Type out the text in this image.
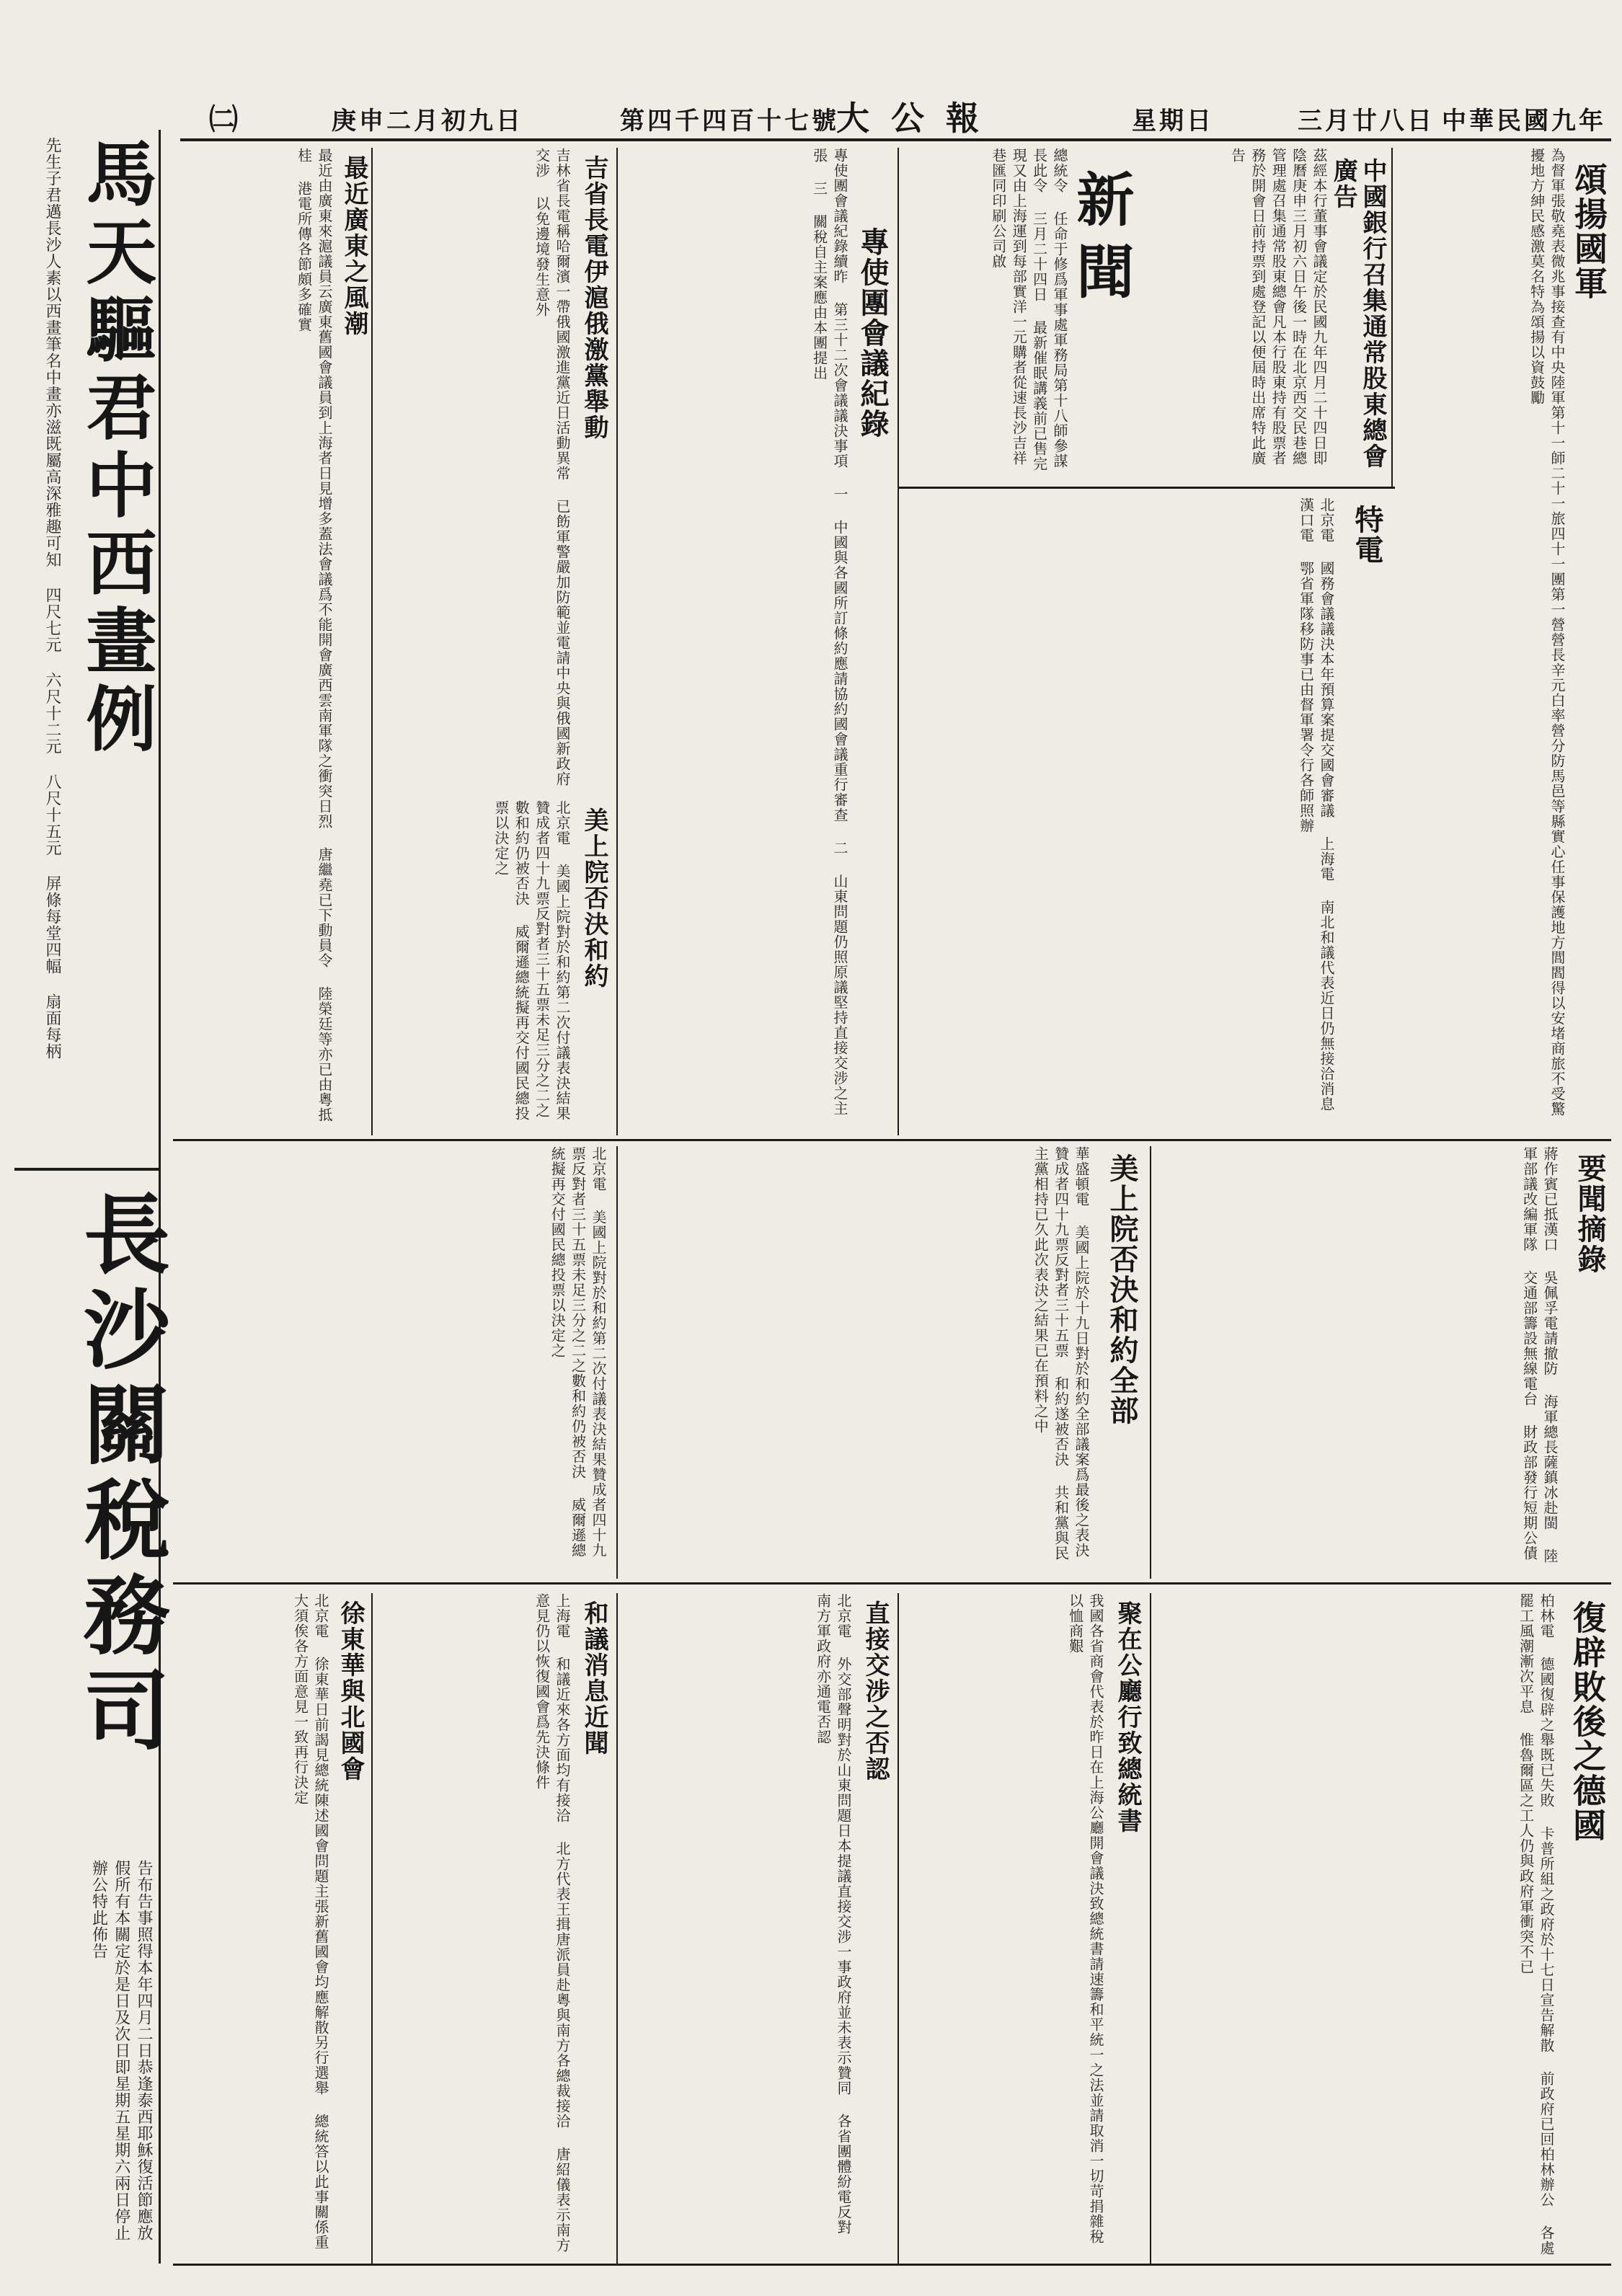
中華民國九年
三月廿八日
星期日
大公報
第四千四百十七號
庚申二月初九日
㈡
馬天驅君中西畫例
先生子君邁長沙人素以西畫筆名中畫亦滋既屬高深雅趣可知 四尺七元 六尺十二元 八尺十五元 屏條每堂四幅 扇面每柄
長沙關稅務司
告布告事照得本年四月二日恭逢泰西耶穌復活節應放假所有本關定於是日及次日即星期五星期六兩日停止辦公特此佈告
頌揚國軍
為督軍張敬堯表微兆事接查有中央陸軍第十一師二十一旅四十一團第一營營長辛元白率營分防馬邑等縣實心任事保護地方閭閻得以安堵商旅不受驚擾地方紳民感激莫名特為頌揚以資鼓勵
中國銀行召集通常股東總會廣告
茲經本行董事會議定於民國九年四月二十四日即陰曆庚申三月初六日午後一時在北京西交民巷總管理處召集通常股東總會凡本行股東持有股票者務於開會日前持票到處登記以便屆時出席特此廣告
新聞
總統令 任命于修爲軍事處軍務局第十八師參謀長此令 三月二十四日 最新催眠講義前已售完現又由上海運到每部實洋一元購者從速長沙吉祥巷匯同印刷公司啟
特電
北京電 國務會議議決本年預算案提交國會審議 上海電 南北和議代表近日仍無接洽消息 漢口電 鄂省軍隊移防事已由督軍署令行各師照辦
專使團會議紀錄
專使團會議紀錄續昨 第三十二次會議議決事項 一 中國與各國所訂條約應請協約國會議重行審查 二 山東問題仍照原議堅持直接交涉之主張 三 關稅自主案應由本團提出
吉省長電伊滬俄激黨舉動
吉林省長電稱哈爾濱一帶俄國激進黨近日活動異常 已飭軍警嚴加防範並電請中央與俄國新政府交涉 以免邊境發生意外
最近廣東之風潮
最近由廣東來滬議員云廣東舊國會議員到上海者日見增多蓋法會議爲不能開會廣西雲南軍隊之衝突日烈 唐繼堯已下動員令 陸榮廷等亦已由粵抵桂 港電所傳各節頗多確實
美上院否決和約
北京電 美國上院對於和約第二次付議表決結果贊成者四十九票反對者三十五票未足三分之二之數和約仍被否決 威爾遜總統擬再交付國民總投票以決定之
要聞摘錄
蔣作賓已抵漢口 吳佩孚電請撤防 海軍總長薩鎮冰赴閩 陸軍部議改編軍隊 交通部籌設無線電台 財政部發行短期公債
美上院否決和約全部
華盛頓電 美國上院於十九日對於和約全部議案爲最後之表決贊成者四十九票反對者三十五票 和約遂被否決 共和黨與民主黨相持已久此次表決之結果已在預料之中
北京電 美國上院對於和約第二次付議表決結果贊成者四十九票反對者三十五票未足三分之二之數和約仍被否決 威爾遜總統擬再交付國民總投票以決定之
復辟敗後之德國
柏林電 德國復辟之舉既已失敗 卡普所組之政府於十七日宣告解散 前政府已回柏林辦公 各處罷工風潮漸次平息 惟魯爾區之工人仍與政府軍衝突不已
聚在公廳行致總統書
我國各省商會代表於昨日在上海公廳開會議決致總統書請速籌和平統一之法並請取消一切苛捐雜稅以恤商艱
直接交涉之否認
北京電 外交部聲明對於山東問題日本提議直接交涉一事政府並未表示贊同 各省團體紛電反對 南方軍政府亦通電否認
和議消息近聞
上海電 和議近來各方面均有接洽 北方代表王揖唐派員赴粵與南方各總裁接洽 唐紹儀表示南方意見仍以恢復國會爲先決條件
徐東華與北國會
北京電 徐東華日前謁見總統陳述國會問題主張新舊國會均應解散另行選舉 總統答以此事關係重大須俟各方面意見一致再行決定
